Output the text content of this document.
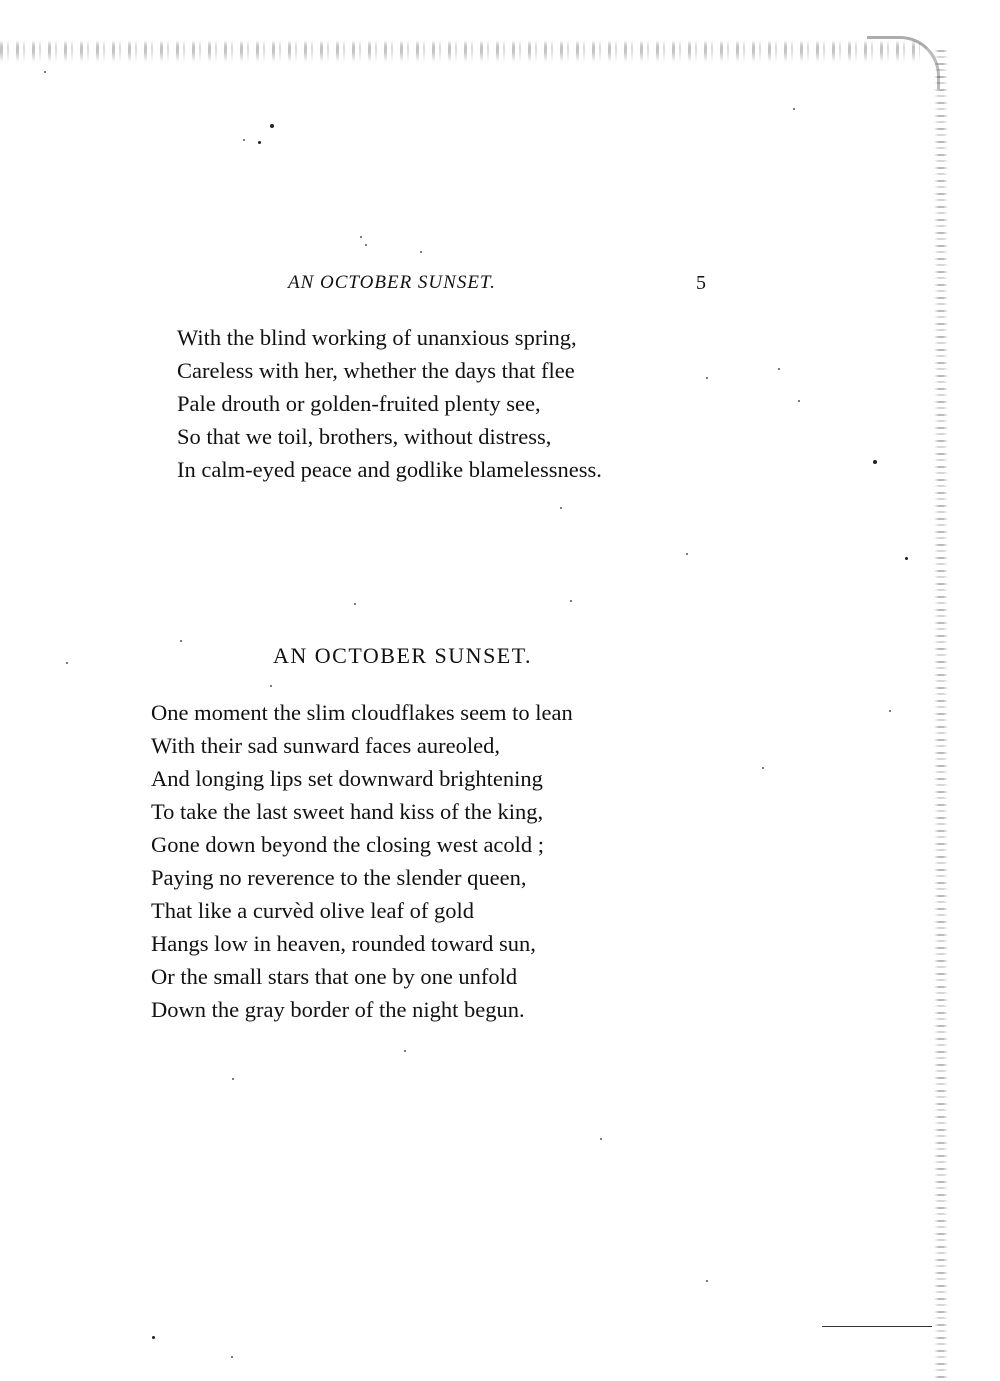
AN OCTOBER SUNSET.	5
With the blind working of unanxious spring,
Careless with her, whether the days that flee
Pale drouth or golden-fruited plenty see,
So that we toil, brothers, without distress,
In calm-eyed peace and godlike blamelessness.
AN OCTOBER SUNSET.
One moment the slim cloudflakes seem to lean
With their sad sunward faces aureoled,
And longing lips set downward brightening
To take the last sweet hand kiss of the king,
Gone down beyond the closing west acold ;
Paying no reverence to the slender queen,
That like a curvèd olive leaf of gold
Hangs low in heaven, rounded toward sun,
Or the small stars that one by one unfold
Down the gray border of the night begun.
